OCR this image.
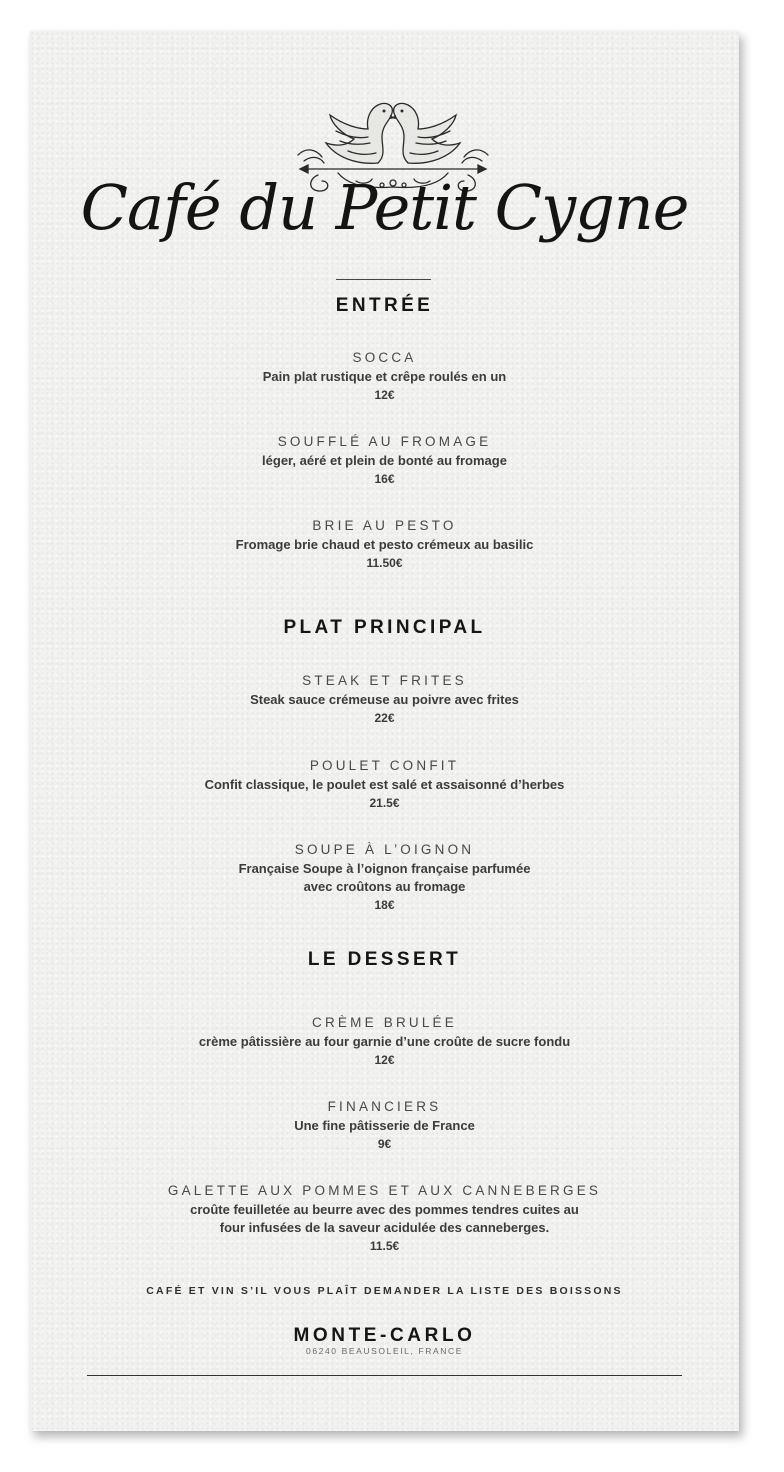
Café du Petit Cygne
ENTRÉE
SOCCA
Pain plat rustique et crêpe roulés en un
12€
SOUFFLÉ AU FROMAGE
léger, aéré et plein de bonté au fromage
16€
BRIE AU PESTO
Fromage brie chaud et pesto crémeux au basilic
11.50€
PLAT PRINCIPAL
STEAK ET FRITES
Steak sauce crémeuse au poivre avec frites
22€
POULET CONFIT
Confit classique, le poulet est salé et assaisonné d’herbes
21.5€
SOUPE À L’OIGNON
Française Soupe à l’oignon française parfumée
avec croûtons au fromage
18€
LE DESSERT
CRÈME BRULÉE
crème pâtissière au four garnie d’une croûte de sucre fondu
12€
FINANCIERS
Une fine pâtisserie de France
9€
GALETTE AUX POMMES ET AUX CANNEBERGES
croûte feuilletée au beurre avec des pommes tendres cuites au
four infusées de la saveur acidulée des canneberges.
11.5€
CAFÉ ET VIN S’IL VOUS PLAÎT DEMANDER LA LISTE DES BOISSONS
MONTE-CARLO
06240 BEAUSOLEIL, FRANCE
